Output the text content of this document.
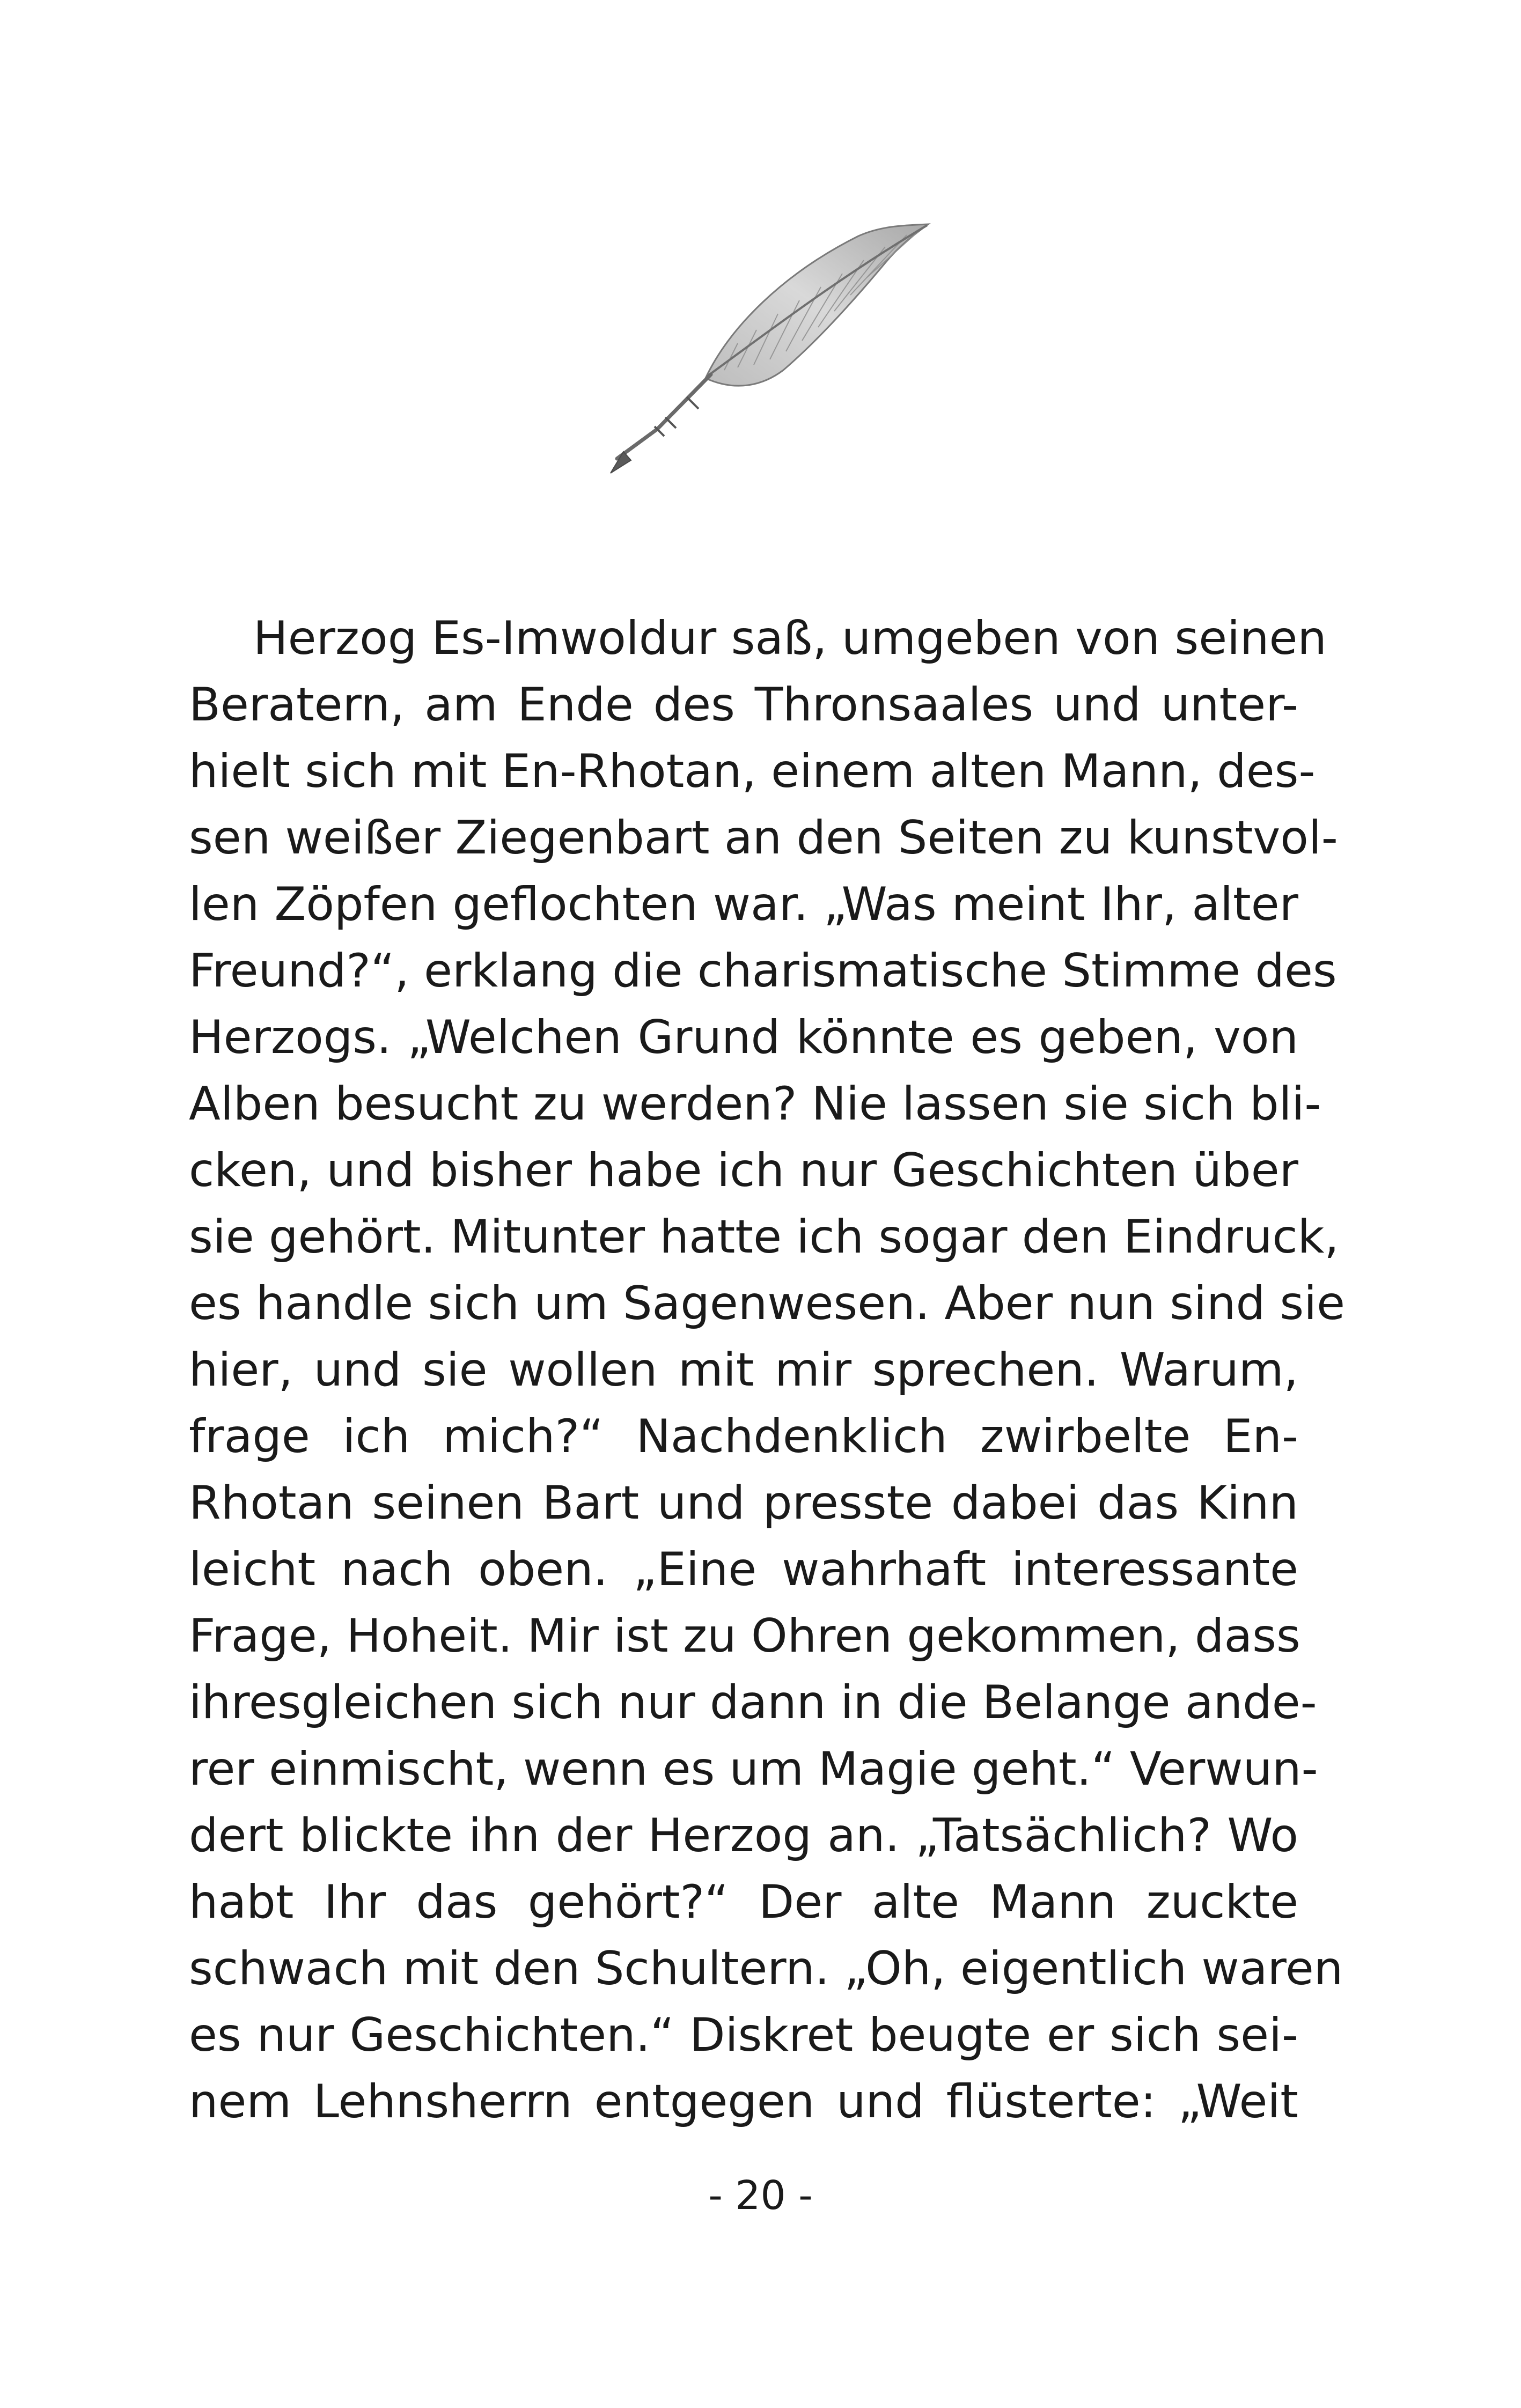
Herzog Es-Imwoldur saß, umgeben von seinen
Beratern, am Ende des Thronsaales und unter-
hielt sich mit En-Rhotan, einem alten Mann, des-
sen weißer Ziegenbart an den Seiten zu kunstvol-
len Zöpfen geflochten war. „Was meint Ihr, alter
Freund?“, erklang die charismatische Stimme des
Herzogs. „Welchen Grund könnte es geben, von
Alben besucht zu werden? Nie lassen sie sich bli-
cken, und bisher habe ich nur Geschichten über
sie gehört. Mitunter hatte ich sogar den Eindruck,
es handle sich um Sagenwesen. Aber nun sind sie
hier, und sie wollen mit mir sprechen. Warum,
frage ich mich?“ Nachdenklich zwirbelte En-
Rhotan seinen Bart und presste dabei das Kinn
leicht nach oben. „Eine wahrhaft interessante
Frage, Hoheit. Mir ist zu Ohren gekommen, dass
ihresgleichen sich nur dann in die Belange ande-
rer einmischt, wenn es um Magie geht.“ Verwun-
dert blickte ihn der Herzog an. „Tatsächlich? Wo
habt Ihr das gehört?“ Der alte Mann zuckte
schwach mit den Schultern. „Oh, eigentlich waren
es nur Geschichten.“ Diskret beugte er sich sei-
nem Lehnsherrn entgegen und flüsterte: „Weit
- 20 -
